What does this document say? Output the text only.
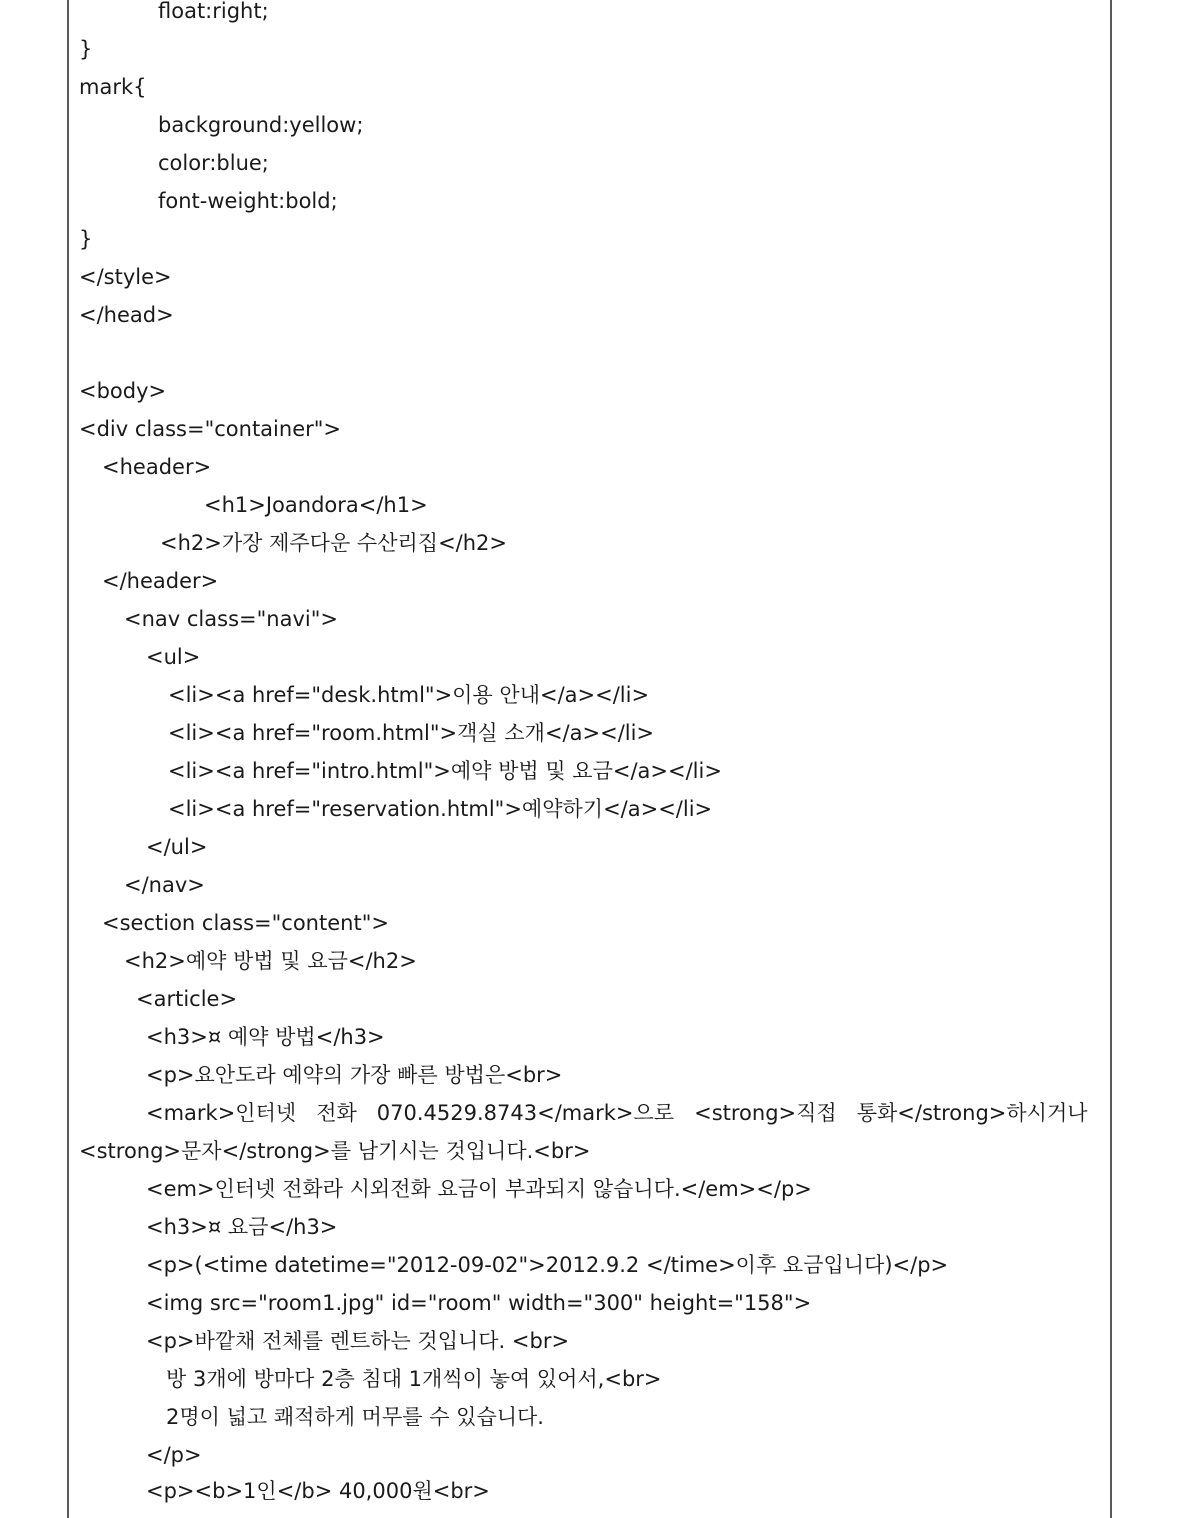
float:right;
}
mark{
background:yellow;
color:blue;
font-weight:bold;
}
</style>
</head>
<body>
<div class="container">
<header>
<h1>Joandora</h1>
<h2>가장 제주다운 수산리집</h2>
</header>
<nav class="navi">
<ul>
<li><a href="desk.html">이용 안내</a></li>
<li><a href="room.html">객실 소개</a></li>
<li><a href="intro.html">예약 방법 및 요금</a></li>
<li><a href="reservation.html">예약하기</a></li>
</ul>
</nav>
<section class="content">
<h2>예약 방법 및 요금</h2>
<article>
<h3>¤ 예약 방법</h3>
<p>요안도라 예약의 가장 빠른 방법은<br>
<mark>인터넷   전화   070.4529.8743</mark>으로   <strong>직접   통화</strong>하시거나
<strong>문자</strong>를 남기시는 것입니다.<br>
<em>인터넷 전화라 시외전화 요금이 부과되지 않습니다.</em></p>
<h3>¤ 요금</h3>
<p>(<time datetime="2012-09-02">2012.9.2 </time>이후 요금입니다)</p>
<img src="room1.jpg" id="room" width="300" height="158">
<p>바깥채 전체를 렌트하는 것입니다. <br>
방 3개에 방마다 2층 침대 1개씩이 놓여 있어서,<br>
2명이 넓고 쾌적하게 머무를 수 있습니다.
</p>
<p><b>1인</b> 40,000원<br>
